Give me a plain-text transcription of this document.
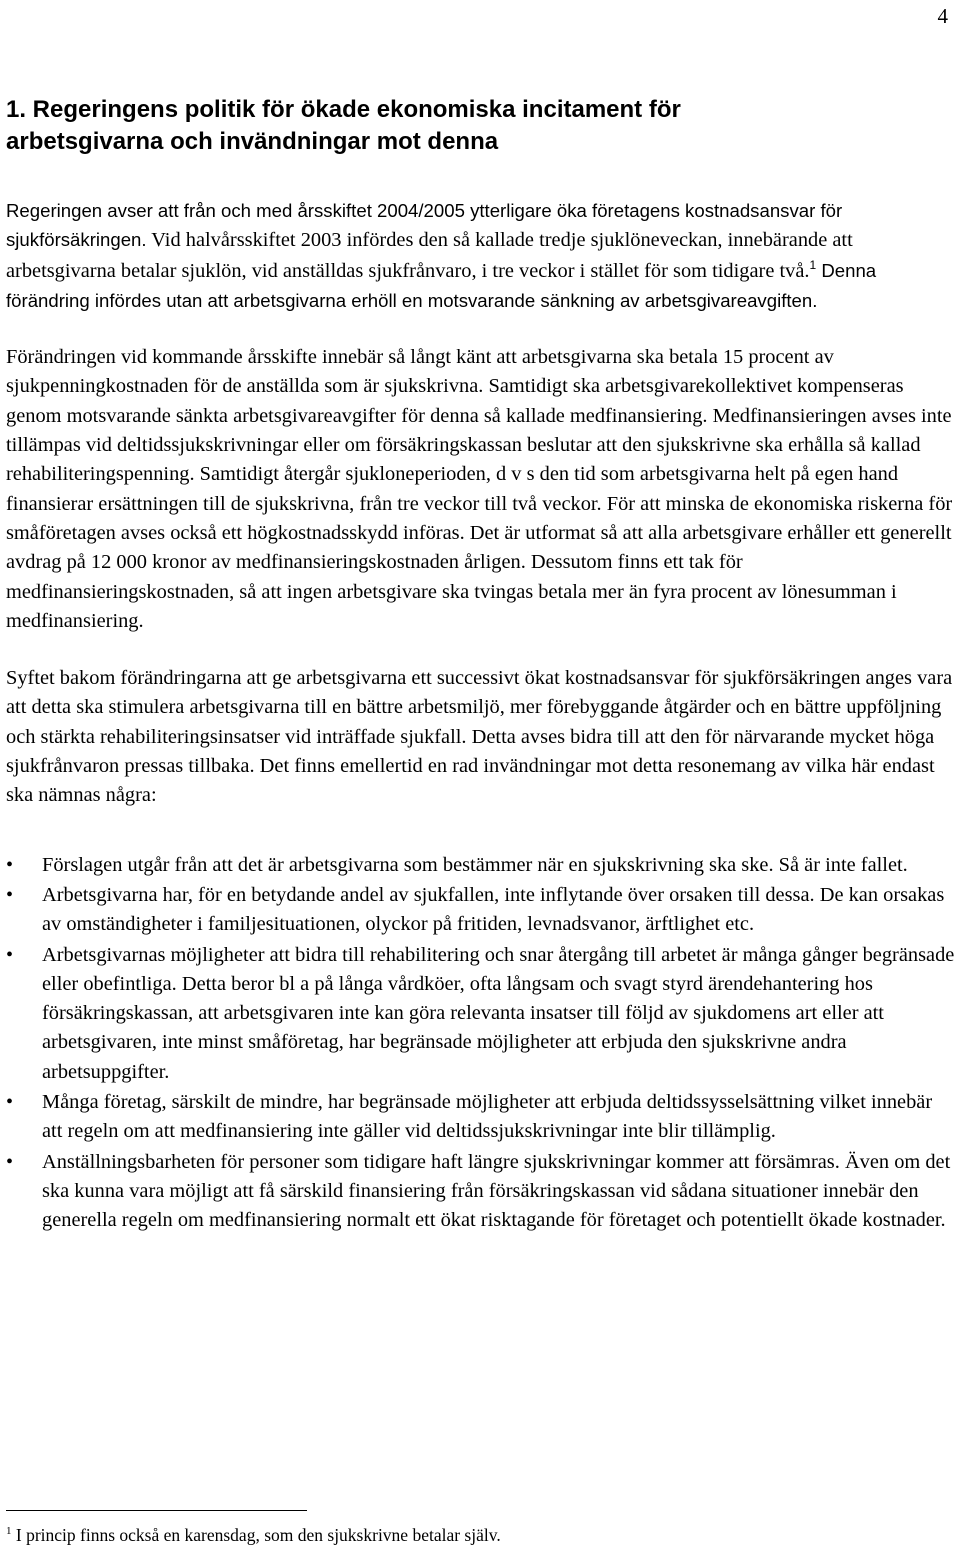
4
1. Regeringens politik för ökade ekonomiska incitament för
arbetsgivarna och invändningar mot denna

Regeringen avser att från och med årsskiftet 2004/2005 ytterligare öka företagens kostnadsansvar för sjukförsäkringen. Vid halvårsskiftet 2003 infördes den så kallade tredje sjuklöneveckan, innebärande att arbetsgivarna betalar sjuklön, vid anställdas sjukfrånvaro, i tre veckor i stället för som tidigare två.$^1$ Denna förändring infördes utan att arbetsgivarna erhöll en motsvarande sänkning av arbetsgivareavgiften.

Förändringen vid kommande årsskifte innebär så långt känt att arbetsgivarna ska betala 15 procent av sjukpenningkostnaden för de anställda som är sjukskrivna. Samtidigt ska arbetsgivarekollektivet kompenseras genom motsvarande sänkta arbetsgivareavgifter för denna så kallade medfinansiering. Medfinansieringen avses inte tillämpas vid deltidssjukskrivningar eller om försäkringskassan beslutar att den sjukskrivne ska erhålla så kallad rehabiliteringspenning. Samtidigt återgår sjukloneperioden, d v s den tid som arbetsgivarna helt på egen hand finansierar ersättningen till de sjukskrivna, från tre veckor till två veckor. För att minska de ekonomiska riskerna för småföretagen avses också ett högkostnadsskydd införas. Det är utformat så att alla arbetsgivare erhåller ett generellt avdrag på 12 000 kronor av medfinansieringskostnaden årligen. Dessutom finns ett tak för medfinansieringskostnaden, så att ingen arbetsgivare ska tvingas betala mer än fyra procent av lönesumman i medfinansiering.

Syftet bakom förändringarna att ge arbetsgivarna ett successivt ökat kostnadsansvar för sjukförsäkringen anges vara att detta ska stimulera arbetsgivarna till en bättre arbetsmiljö, mer förebyggande åtgärder och en bättre uppföljning och stärkta rehabiliteringsinsatser vid inträffade sjukfall. Detta avses bidra till att den för närvarande mycket höga sjukfrånvaron pressas tillbaka. Det finns emellertid en rad invändningar mot detta resonemang av vilka här endast ska nämnas några:

• Förslagen utgår från att det är arbetsgivarna som bestämmer när en sjukskrivning ska ske. Så är inte fallet.
• Arbetsgivarna har, för en betydande andel av sjukfallen, inte inflytande över orsaken till dessa. De kan orsakas av omständigheter i familjesituationen, olyckor på fritiden, levnadsvanor, ärftlighet etc.
• Arbetsgivarnas möjligheter att bidra till rehabilitering och snar återgång till arbetet är många gånger begränsade eller obefintliga. Detta beror bl a på långa vårdköer, ofta långsam och svagt styrd ärendehantering hos försäkringskassan, att arbetsgivaren inte kan göra relevanta insatser till följd av sjukdomens art eller att arbetsgivaren, inte minst småföretag, har begränsade möjligheter att erbjuda den sjukskrivne andra arbetsuppgifter.
• Många företag, särskilt de mindre, har begränsade möjligheter att erbjuda deltidssysselsättning vilket innebär att regeln om att medfinansiering inte gäller vid deltidssjukskrivningar inte blir tillämplig.
• Anställningsbarheten för personer som tidigare haft längre sjukskrivningar kommer att försämras. Även om det ska kunna vara möjligt att få särskild finansiering från försäkringskassan vid sådana situationer innebär den generella regeln om medfinansiering normalt ett ökat risktagande för företaget och potentiellt ökade kostnader.
$^1$ I princip finns också en karensdag, som den sjukskrivne betalar själv.
